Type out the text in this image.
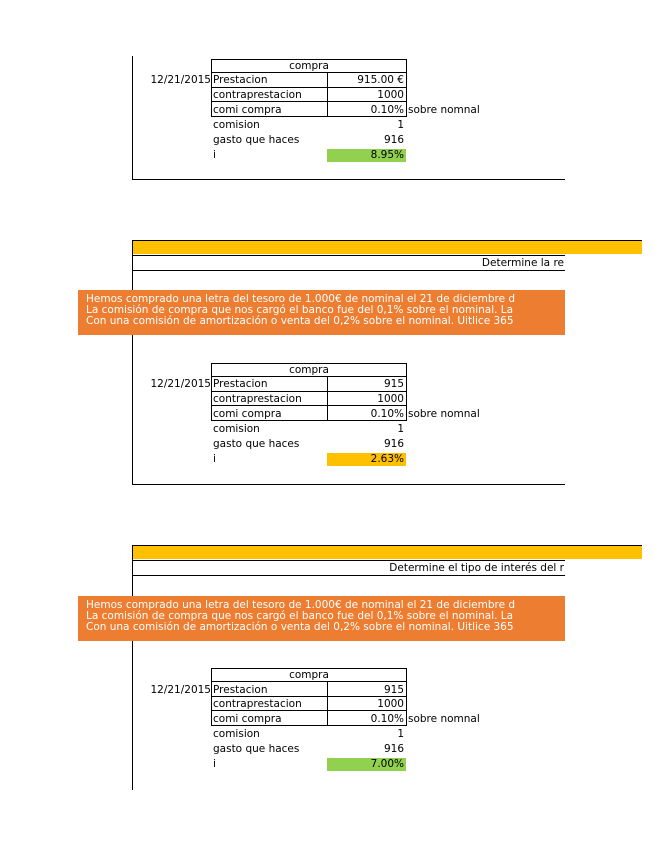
12/21/2015
compra
Prestacion	915.00 €
contraprestacion	1000
comi compra	0.10% sobre nomnal
comision	1
gasto que haces	916
i	8.95%
Determine la re
Hemos comprado una letra del tesoro de 1.000€ de nominal el 21 de diciembre d
La comisión de compra que nos cargó el banco fue del 0,1% sobre el nominal. La
Con una comisión de amortización o venta del 0,2% sobre el nominal. Uitlice 365
12/21/2015
compra
Prestacion	915
contraprestacion	1000
comi compra	0.10% sobre nomnal
comision	1
gasto que haces	916
i	2.63%
Determine el tipo de interés del r
Hemos comprado una letra del tesoro de 1.000€ de nominal el 21 de diciembre d
La comisión de compra que nos cargó el banco fue del 0,1% sobre el nominal. La
Con una comisión de amortización o venta del 0,2% sobre el nominal. Uitlice 365
12/21/2015
compra
Prestacion	915
contraprestacion	1000
comi compra	0.10% sobre nomnal
comision	1
gasto que haces	916
i	7.00%
